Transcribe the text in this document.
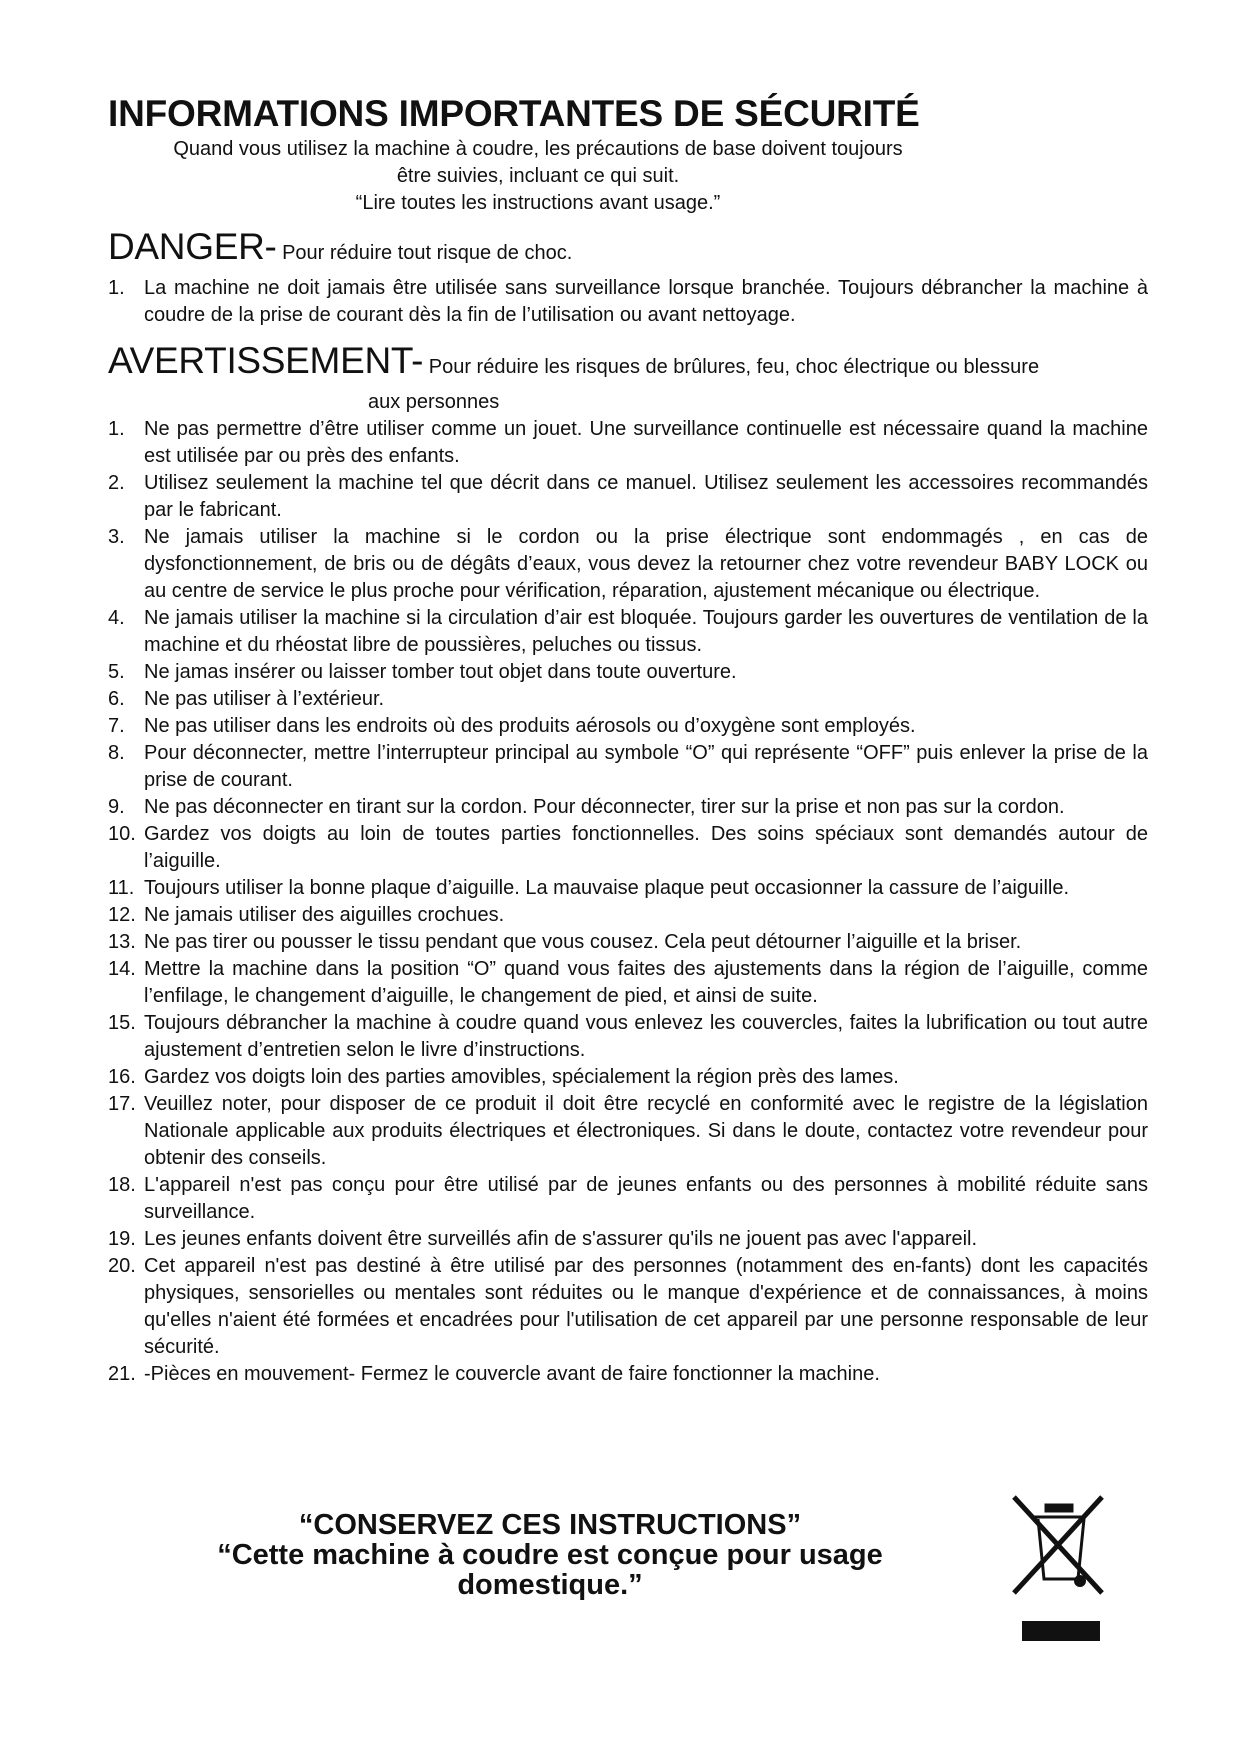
INFORMATIONS IMPORTANTES DE SÉCURITÉ
Quand vous utilisez la machine à coudre, les précautions de base doivent toujours
être suivies, incluant ce qui suit.
“Lire toutes les instructions avant usage.”
DANGER- Pour réduire tout risque de choc.
1. La machine ne doit jamais être utilisée sans surveillance lorsque branchée. Toujours débrancher la machine à coudre de la prise de courant dès la fin de l’utilisation ou avant nettoyage.
AVERTISSEMENT- Pour réduire les risques de brûlures, feu, choc électrique ou blessure
aux personnes
1. Ne pas permettre d’être utiliser comme un jouet. Une surveillance continuelle est nécessaire quand la machine est utilisée par ou près des enfants.
2. Utilisez seulement la machine tel que décrit dans ce manuel. Utilisez seulement les accessoires recommandés par le fabricant.
3. Ne jamais utiliser la machine si le cordon ou la prise électrique sont endommagés , en cas de dysfonctionnement, de bris ou de dégâts d’eaux, vous devez la retourner chez votre revendeur BABY LOCK ou au centre de service le plus proche pour vérification, réparation, ajustement mécanique ou électrique.
4. Ne jamais utiliser la machine si la circulation d’air est bloquée. Toujours garder les ouvertures de ventilation de la machine et du rhéostat libre de poussières, peluches ou tissus.
5. Ne jamas insérer ou laisser tomber tout objet dans toute ouverture.
6. Ne pas utiliser à l’extérieur.
7. Ne pas utiliser dans les endroits où des produits aérosols ou d’oxygène sont employés.
8. Pour déconnecter, mettre l’interrupteur principal au symbole “O” qui représente “OFF” puis enlever la prise de la prise de courant.
9. Ne pas déconnecter en tirant sur la cordon. Pour déconnecter, tirer sur la prise et non pas sur la cordon.
10. Gardez vos doigts au loin de toutes parties fonctionnelles. Des soins spéciaux sont demandés autour de l’aiguille.
11. Toujours utiliser la bonne plaque d’aiguille. La mauvaise plaque peut occasionner la cassure de l’aiguille.
12. Ne jamais utiliser des aiguilles crochues.
13. Ne pas tirer ou pousser le tissu pendant que vous cousez. Cela peut détourner l’aiguille et la briser.
14. Mettre la machine dans la position “O” quand vous faites des ajustements dans la région de l’aiguille, comme l’enfilage, le changement d’aiguille, le changement de pied, et ainsi de suite.
15. Toujours débrancher la machine à coudre quand vous enlevez les couvercles, faites la lubrification ou tout autre ajustement d’entretien selon le livre d’instructions.
16. Gardez vos doigts loin des parties amovibles, spécialement la région près des lames.
17. Veuillez noter, pour disposer de ce produit il doit être recyclé en conformité avec le registre de la législation Nationale applicable aux produits électriques et électroniques. Si dans le doute, contactez votre revendeur pour obtenir des conseils.
18. L'appareil n'est pas conçu pour être utilisé par de jeunes enfants ou des personnes à mobilité réduite sans surveillance.
19. Les jeunes enfants doivent être surveillés afin de s'assurer qu'ils ne jouent pas avec l'appareil.
20. Cet appareil n'est pas destiné à être utilisé par des personnes (notamment des en-fants) dont les capacités physiques, sensorielles ou mentales sont réduites ou le manque d'expérience et de connaissances, à moins qu'elles n'aient été formées et encadrées pour l'utilisation de cet appareil par une personne responsable de leur sécurité.
21. -Pièces en mouvement- Fermez le couvercle avant de faire fonctionner la machine.
“CONSERVEZ CES INSTRUCTIONS”
“Cette machine à coudre est conçue pour usage domestique.”
